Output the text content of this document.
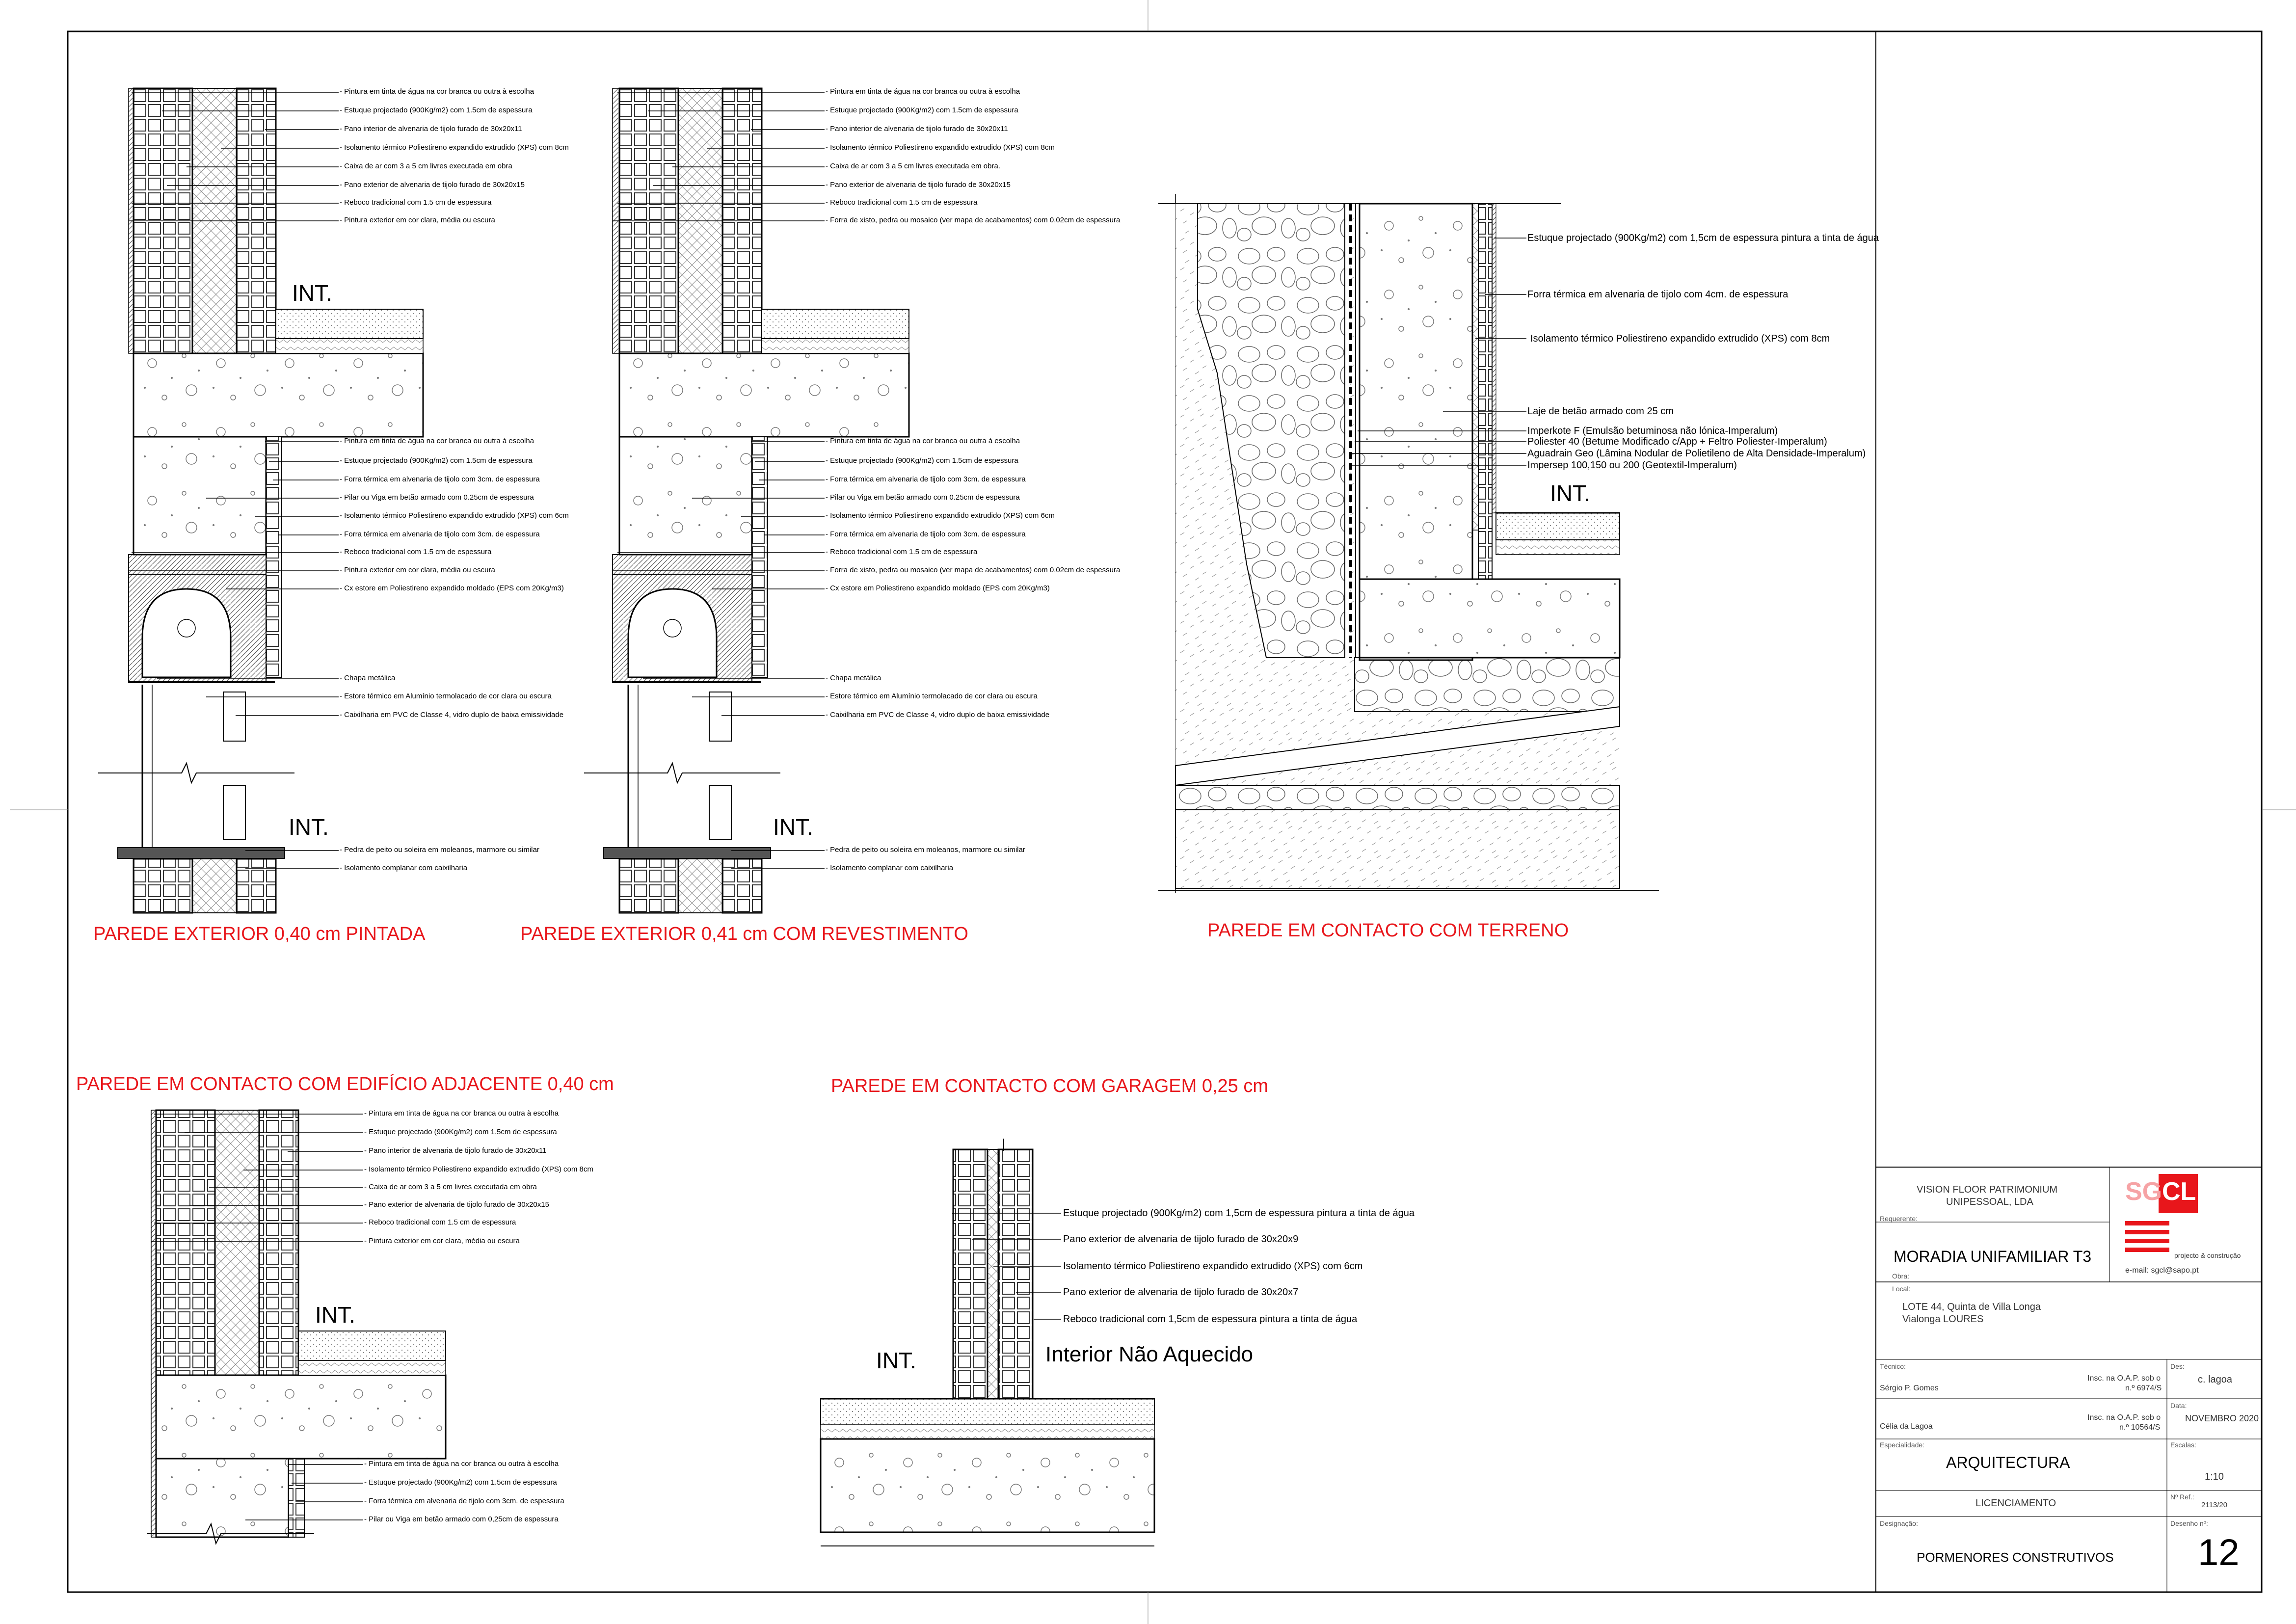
PAREDE EXTERIOR 0,40 cm PINTADA	PAREDE EXTERIOR 0,41 cm COM REVESTIMENTO	PAREDE EM CONTACTO COM TERRENO
PAREDE EM CONTACTO COM EDIFÍCIO ADJACENTE 0,40 cm	PAREDE EM CONTACTO COM GARAGEM 0,25 cm
INT.
INT.	INT.
INT.
INT.
INT.	Interior Não Aquecido
- Pintura em tinta de água na cor branca ou outra à escolha
- Estuque projectado (900Kg/m2) com 1.5cm de espessura
- Pano interior de alvenaria de tijolo furado de 30x20x11
- Isolamento térmico Poliestireno expandido extrudido (XPS) com 8cm
- Caixa de ar com 3 a 5 cm livres executada em obra
- Pano exterior de alvenaria de tijolo furado de 30x20x15
- Reboco tradicional com 1.5 cm de espessura
- Pintura exterior em cor clara, média ou escura
- Pintura em tinta de água na cor branca ou outra à escolha
- Estuque projectado (900Kg/m2) com 1.5cm de espessura
- Forra térmica em alvenaria de tijolo com 3cm. de espessura
- Pilar ou Viga em betão armado com 0.25cm de espessura
- Isolamento térmico Poliestireno expandido extrudido (XPS) com 6cm
- Forra térmica em alvenaria de tijolo com 3cm. de espessura
- Reboco tradicional com 1.5 cm de espessura
- Pintura exterior em cor clara, média ou escura
- Cx estore em Poliestireno expandido moldado (EPS com 20Kg/m3)
- Chapa metálica
- Estore térmico em Alumínio termolacado de cor clara ou escura
- Caixilharia em PVC de Classe 4, vidro duplo de baixa emissividade
- Pedra de peito ou soleira em moleanos, marmore ou similar
- Isolamento complanar com caixilharia
- Pintura em tinta de água na cor branca ou outra à escolha
- Estuque projectado (900Kg/m2) com 1.5cm de espessura
- Pano interior de alvenaria de tijolo furado de 30x20x11
- Isolamento térmico Poliestireno expandido extrudido (XPS) com 8cm
- Caixa de ar com 3 a 5 cm livres executada em obra.
- Pano exterior de alvenaria de tijolo furado de 30x20x15
- Reboco tradicional com 1.5 cm de espessura
- Forra de xisto, pedra ou mosaico (ver mapa de acabamentos) com 0,02cm de espessura
- Pintura em tinta de água na cor branca ou outra à escolha
- Estuque projectado (900Kg/m2) com 1.5cm de espessura
- Forra térmica em alvenaria de tijolo com 3cm. de espessura
- Pilar ou Viga em betão armado com 0.25cm de espessura
- Isolamento térmico Poliestireno expandido extrudido (XPS) com 6cm
- Forra térmica em alvenaria de tijolo com 3cm. de espessura
- Reboco tradicional com 1.5 cm de espessura
- Forra de xisto, pedra ou mosaico (ver mapa de acabamentos) com 0,02cm de espessura
- Cx estore em Poliestireno expandido moldado (EPS com 20Kg/m3)
- Chapa metálica
- Estore térmico em Alumínio termolacado de cor clara ou escura
- Caixilharia em PVC de Classe 4, vidro duplo de baixa emissividade
- Pedra de peito ou soleira em moleanos, marmore ou similar
- Isolamento complanar com caixilharia
Estuque projectado (900Kg/m2) com 1,5cm de espessura pintura a tinta de água
Forra térmica em alvenaria de tijolo com 4cm. de espessura
Isolamento térmico Poliestireno expandido extrudido (XPS) com 8cm
Laje de betão armado com 25 cm
Imperkote F (Emulsão betuminosa não lónica-Imperalum)
Poliester 40 (Betume Modificado c/App + Feltro Poliester-Imperalum)
Aguadrain Geo (Lâmina Nodular de Polietileno de Alta Densidade-Imperalum)
Impersep 100,150 ou 200 (Geotextil-Imperalum)
- Pintura em tinta de água na cor branca ou outra à escolha
- Estuque projectado (900Kg/m2) com 1.5cm de espessura
- Pano interior de alvenaria de tijolo furado de 30x20x11
- Isolamento térmico Poliestireno expandido extrudido (XPS) com 8cm
- Caixa de ar com 3 a 5 cm livres executada em obra
- Pano exterior de alvenaria de tijolo furado de 30x20x15
- Reboco tradicional com 1.5 cm de espessura
- Pintura exterior em cor clara, média ou escura
- Pintura em tinta de água na cor branca ou outra à escolha
- Estuque projectado (900Kg/m2) com 1.5cm de espessura
- Forra térmica em alvenaria de tijolo com 3cm. de espessura
- Pilar ou Viga em betão armado com 0,25cm de espessura
Estuque projectado (900Kg/m2) com 1,5cm de espessura pintura a tinta de água
Pano exterior de alvenaria de tijolo furado de 30x20x9
Isolamento térmico Poliestireno expandido extrudido (XPS) com 6cm
Pano exterior de alvenaria de tijolo furado de 30x20x7
Reboco tradicional com 1,5cm de espessura pintura a tinta de água
VISION FLOOR PATRIMONIUM
UNIPESSOAL, LDA
Requerente:
SG CL
projecto & construção
e-mail: sgcl@sapo.pt
MORADIA UNIFAMILIAR T3
Obra:
Local:
LOTE 44, Quinta de Villa Longa
Vialonga LOURES
Técnico:
Sérgio P. Gomes
Insc. na O.A.P. sob o
n.º 6974/S
Célia da Lagoa
Insc. na O.A.P. sob o
n.º 10564/S
Des:
c. lagoa
Data:
NOVEMBRO 2020
Especialidade:
ARQUITECTURA
Escalas:
1:10
LICENCIAMENTO
Nº Ref.:
2113/20
Designação:
PORMENORES CONSTRUTIVOS
Desenho nº:
12
